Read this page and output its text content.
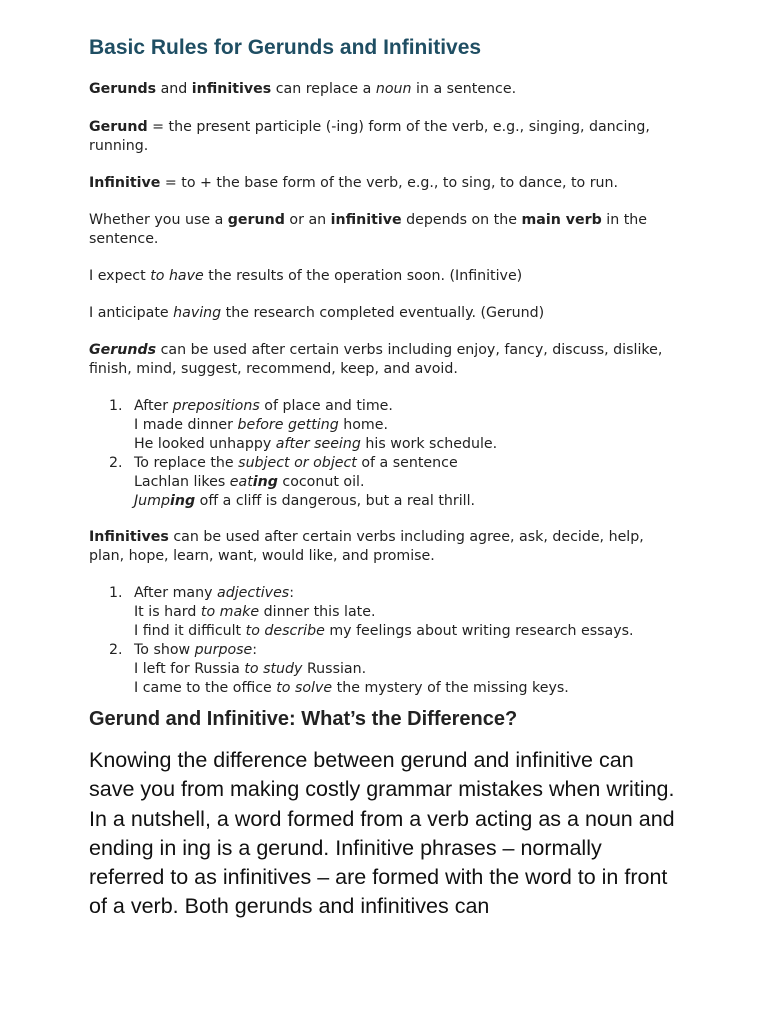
Basic Rules for Gerunds and Infinitives

Gerunds and infinitives can replace a noun in a sentence.

Gerund = the present participle (-ing) form of the verb, e.g., singing, dancing, running.

Infinitive = to + the base form of the verb, e.g., to sing, to dance, to run.

Whether you use a gerund or an infinitive depends on the main verb in the sentence.

I expect to have the results of the operation soon. (Infinitive)

I anticipate having the research completed eventually. (Gerund)

Gerunds can be used after certain verbs including enjoy, fancy, discuss, dislike, finish, mind, suggest, recommend, keep, and avoid.

1. After prepositions of place and time.
I made dinner before getting home.
He looked unhappy after seeing his work schedule.
2. To replace the subject or object of a sentence
Lachlan likes eating coconut oil.
Jumping off a cliff is dangerous, but a real thrill.

Infinitives can be used after certain verbs including agree, ask, decide, help, plan, hope, learn, want, would like, and promise.

1. After many adjectives:
It is hard to make dinner this late.
I find it difficult to describe my feelings about writing research essays.
2. To show purpose:
I left for Russia to study Russian.
I came to the office to solve the mystery of the missing keys.
Gerund and Infinitive: What’s the Difference?

Knowing the difference between gerund and infinitive can save you from making costly grammar mistakes when writing. In a nutshell, a word formed from a verb acting as a noun and ending in ing is a gerund. Infinitive phrases – normally referred to as infinitives – are formed with the word to in front of a verb. Both gerunds and infinitives can
